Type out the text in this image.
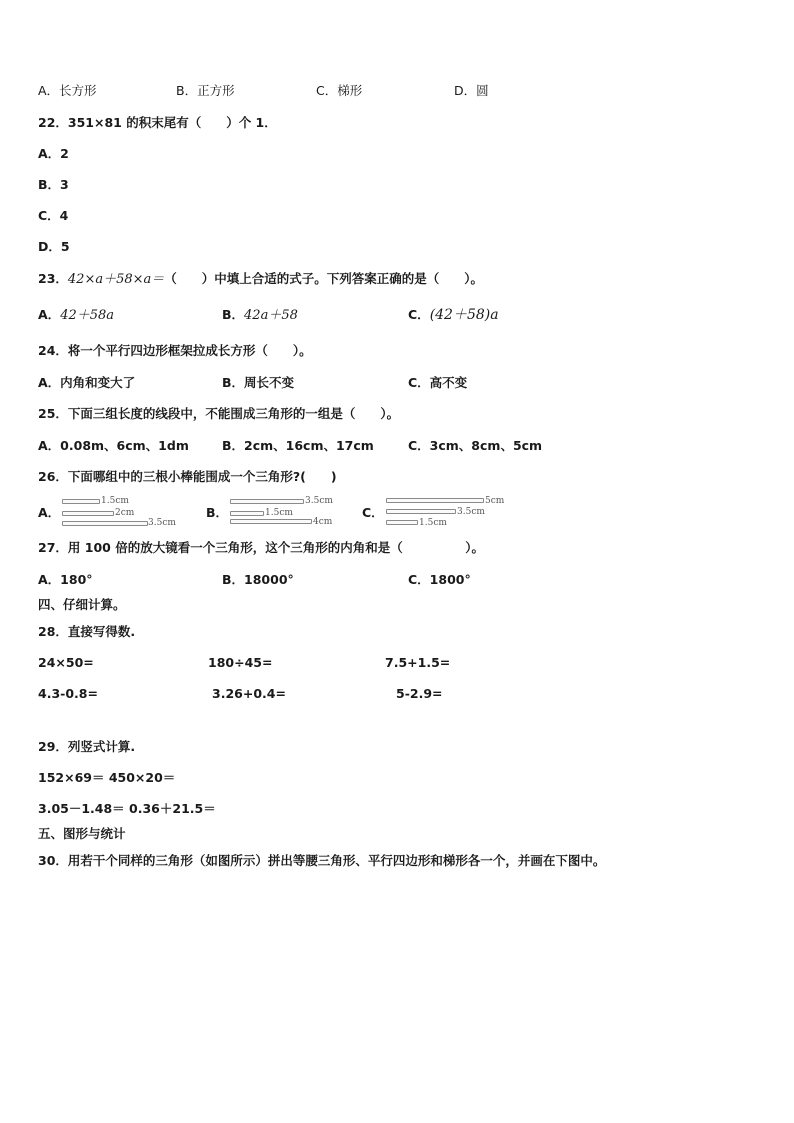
A．长方形	B．正方形	C．梯形	D．圆
22．351×81 的积末尾有（　　）个 1．
A．2
B．3
C．4
D．5
23．42×a＋58×a＝（　　）中填上合适的式子。下列答案正确的是（　　）。
A．42＋58a	B．42a＋58	C．(42＋58)a
24．将一个平行四边形框架拉成长方形（　　）。
A．内角和变大了	B．周长不变	C．高不变
25．下面三组长度的线段中，不能围成三角形的一组是（　　）。
A．0.08m、6cm、1dm	B．2cm、16cm、17cm	C．3cm、8cm、5cm
26．下面哪组中的三根小棒能围成一个三角形?(　　)
A．
1.5cm
2cm
3.5cm
B．
3.5cm
1.5cm
4cm
C．
5cm
3.5cm
1.5cm
27．用 100 倍的放大镜看一个三角形，这个三角形的内角和是（　　　　　）。
A．180°	B．18000°	C．1800°
四、仔细计算。
28．直接写得数.
24×50=	180÷45=	7.5+1.5=
4.3-0.8=	3.26+0.4=	5-2.9=
29．列竖式计算.
152×69＝ 450×20＝
3.05－1.48＝ 0.36＋21.5＝
五、图形与统计
30．用若干个同样的三角形（如图所示）拼出等腰三角形、平行四边形和梯形各一个，并画在下图中。
